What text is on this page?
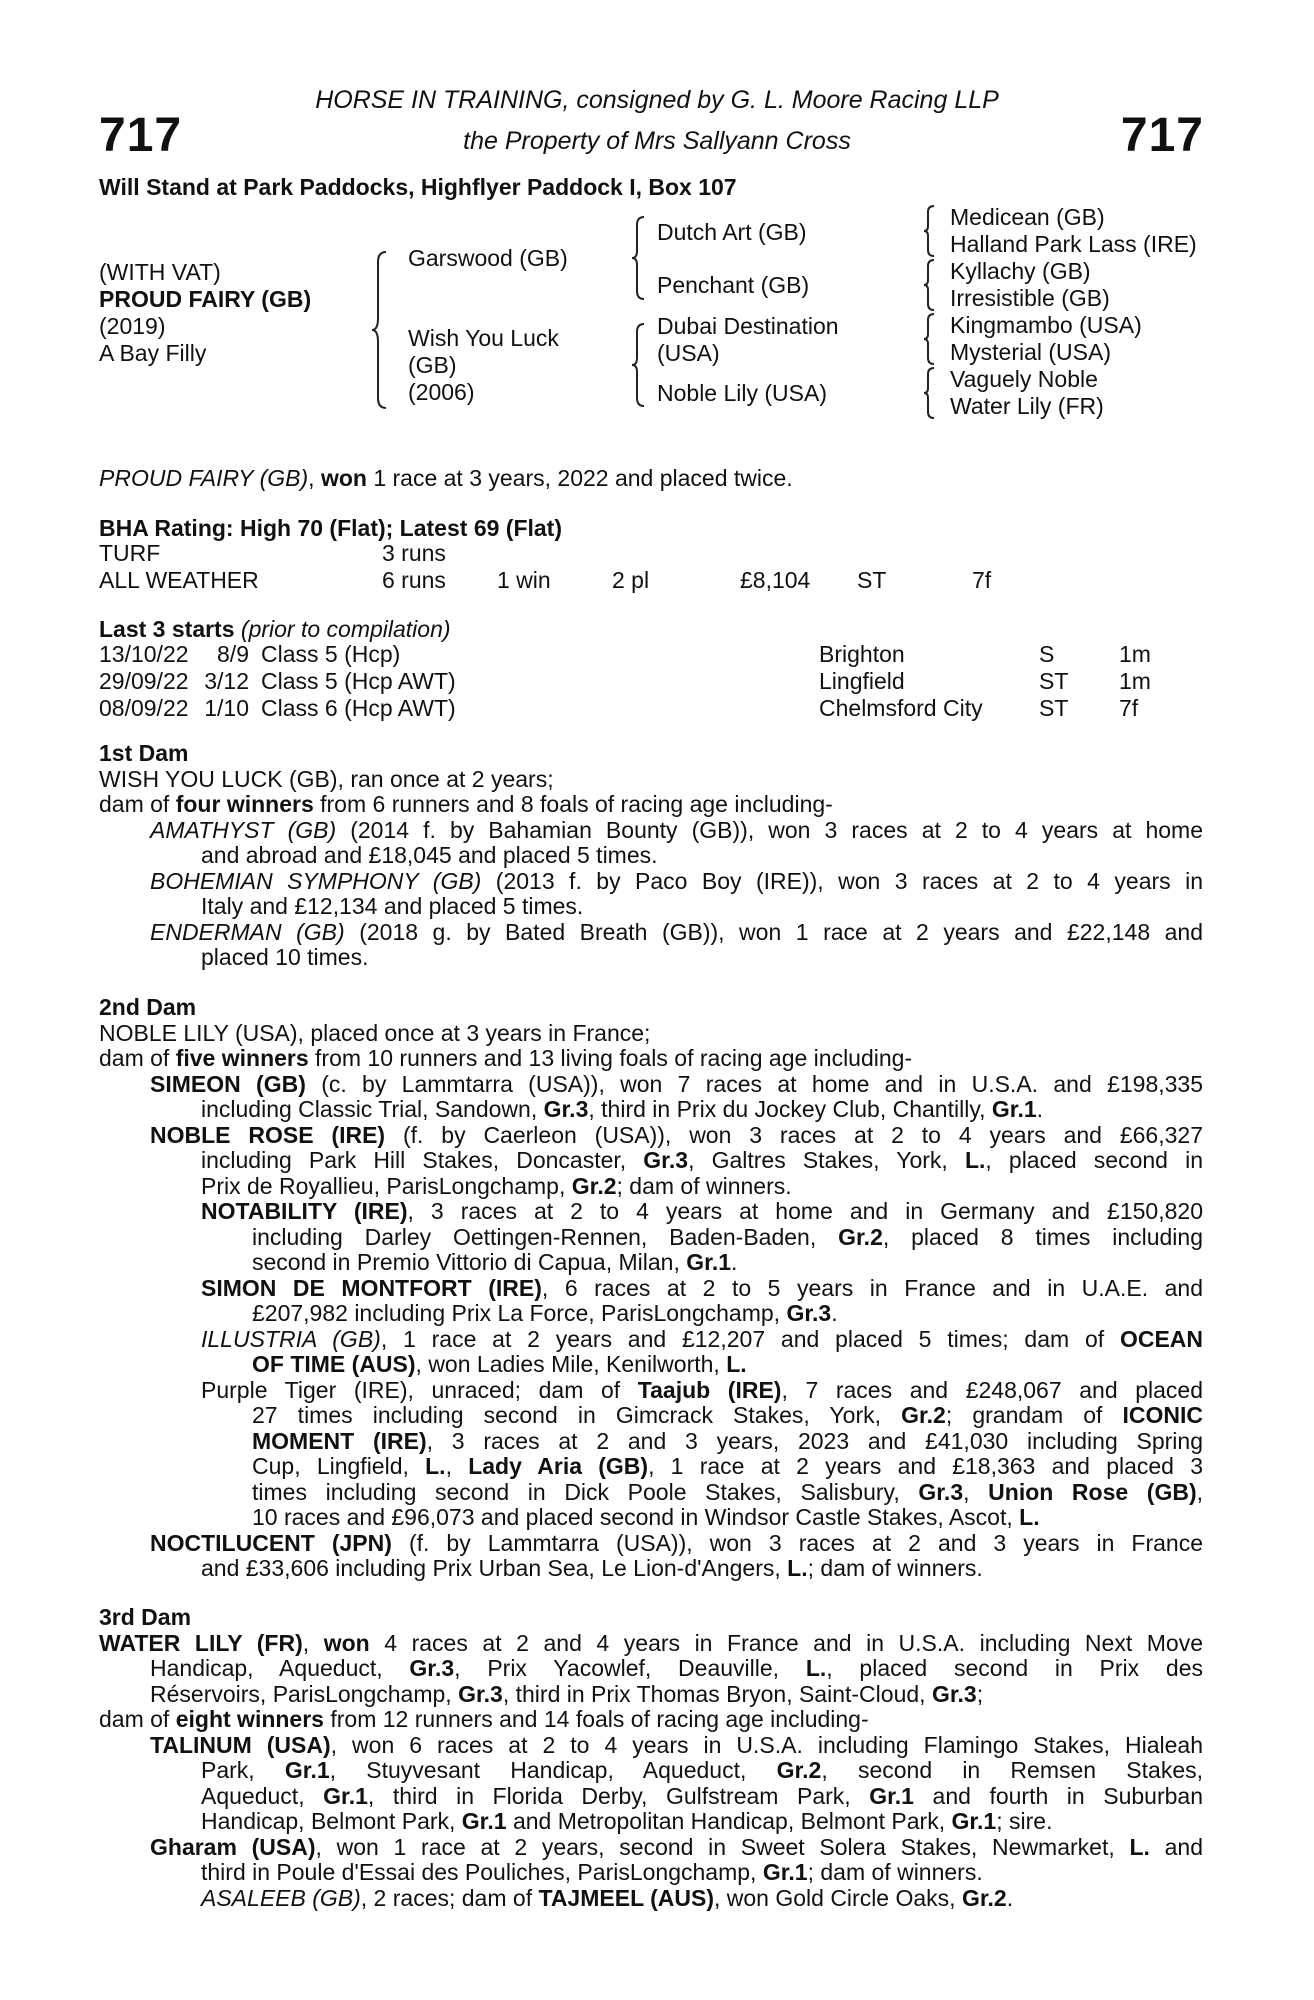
717	717
HORSE IN TRAINING, consigned by G. L. Moore Racing LLP
the Property of Mrs Sallyann Cross
Will Stand at Park Paddocks, Highflyer Paddock I, Box 107
(WITH VAT)
PROUD FAIRY (GB)
(2019)
A Bay Filly
Garswood (GB)
Wish You Luck
(GB)
(2006)
Dutch Art (GB)
Penchant (GB)
Dubai Destination
(USA)
Noble Lily (USA)
Medicean (GB)
Halland Park Lass (IRE)
Kyllachy (GB)
Irresistible (GB)
Kingmambo (USA)
Mysterial (USA)
Vaguely Noble
Water Lily (FR)
PROUD FAIRY (GB), won 1 race at 3 years, 2022 and placed twice.
BHA Rating: High 70 (Flat); Latest 69 (Flat)
TURF	3 runs					
ALL WEATHER	6 runs	1 win	2 pl	£8,104	ST	7f
Last 3 starts (prior to compilation)
13/10/22	8/9	Class 5 (Hcp)	Brighton	S	1m
29/09/22	3/12	Class 5 (Hcp AWT)	Lingfield	ST	1m
08/09/22	1/10	Class 6 (Hcp AWT)	Chelmsford City	ST	7f
1st Dam
WISH YOU LUCK (GB), ran once at 2 years;
dam of four winners from 6 runners and 8 foals of racing age including-
AMATHYST (GB) (2014 f. by Bahamian Bounty (GB)), won 3 races at 2 to 4 years at home
and abroad and £18,045 and placed 5 times.
BOHEMIAN SYMPHONY (GB) (2013 f. by Paco Boy (IRE)), won 3 races at 2 to 4 years in
Italy and £12,134 and placed 5 times.
ENDERMAN (GB) (2018 g. by Bated Breath (GB)), won 1 race at 2 years and £22,148 and
placed 10 times.
2nd Dam
NOBLE LILY (USA), placed once at 3 years in France;
dam of five winners from 10 runners and 13 living foals of racing age including-
SIMEON (GB) (c. by Lammtarra (USA)), won 7 races at home and in U.S.A. and £198,335
including Classic Trial, Sandown, Gr.3, third in Prix du Jockey Club, Chantilly, Gr.1.
NOBLE ROSE (IRE) (f. by Caerleon (USA)), won 3 races at 2 to 4 years and £66,327
including Park Hill Stakes, Doncaster, Gr.3, Galtres Stakes, York, L., placed second in
Prix de Royallieu, ParisLongchamp, Gr.2; dam of winners.
NOTABILITY (IRE), 3 races at 2 to 4 years at home and in Germany and £150,820
including Darley Oettingen-Rennen, Baden-Baden, Gr.2, placed 8 times including
second in Premio Vittorio di Capua, Milan, Gr.1.
SIMON DE MONTFORT (IRE), 6 races at 2 to 5 years in France and in U.A.E. and
£207,982 including Prix La Force, ParisLongchamp, Gr.3.
ILLUSTRIA (GB), 1 race at 2 years and £12,207 and placed 5 times; dam of OCEAN
OF TIME (AUS), won Ladies Mile, Kenilworth, L.
Purple Tiger (IRE), unraced; dam of Taajub (IRE), 7 races and £248,067 and placed
27 times including second in Gimcrack Stakes, York, Gr.2; grandam of ICONIC
MOMENT (IRE), 3 races at 2 and 3 years, 2023 and £41,030 including Spring
Cup, Lingfield, L., Lady Aria (GB), 1 race at 2 years and £18,363 and placed 3
times including second in Dick Poole Stakes, Salisbury, Gr.3, Union Rose (GB),
10 races and £96,073 and placed second in Windsor Castle Stakes, Ascot, L.
NOCTILUCENT (JPN) (f. by Lammtarra (USA)), won 3 races at 2 and 3 years in France
and £33,606 including Prix Urban Sea, Le Lion-d'Angers, L.; dam of winners.
3rd Dam
WATER LILY (FR), won 4 races at 2 and 4 years in France and in U.S.A. including Next Move
Handicap, Aqueduct, Gr.3, Prix Yacowlef, Deauville, L., placed second in Prix des
Réservoirs, ParisLongchamp, Gr.3, third in Prix Thomas Bryon, Saint-Cloud, Gr.3;
dam of eight winners from 12 runners and 14 foals of racing age including-
TALINUM (USA), won 6 races at 2 to 4 years in U.S.A. including Flamingo Stakes, Hialeah
Park, Gr.1, Stuyvesant Handicap, Aqueduct, Gr.2, second in Remsen Stakes,
Aqueduct, Gr.1, third in Florida Derby, Gulfstream Park, Gr.1 and fourth in Suburban
Handicap, Belmont Park, Gr.1 and Metropolitan Handicap, Belmont Park, Gr.1; sire.
Gharam (USA), won 1 race at 2 years, second in Sweet Solera Stakes, Newmarket, L. and
third in Poule d'Essai des Pouliches, ParisLongchamp, Gr.1; dam of winners.
ASALEEB (GB), 2 races; dam of TAJMEEL (AUS), won Gold Circle Oaks, Gr.2.
